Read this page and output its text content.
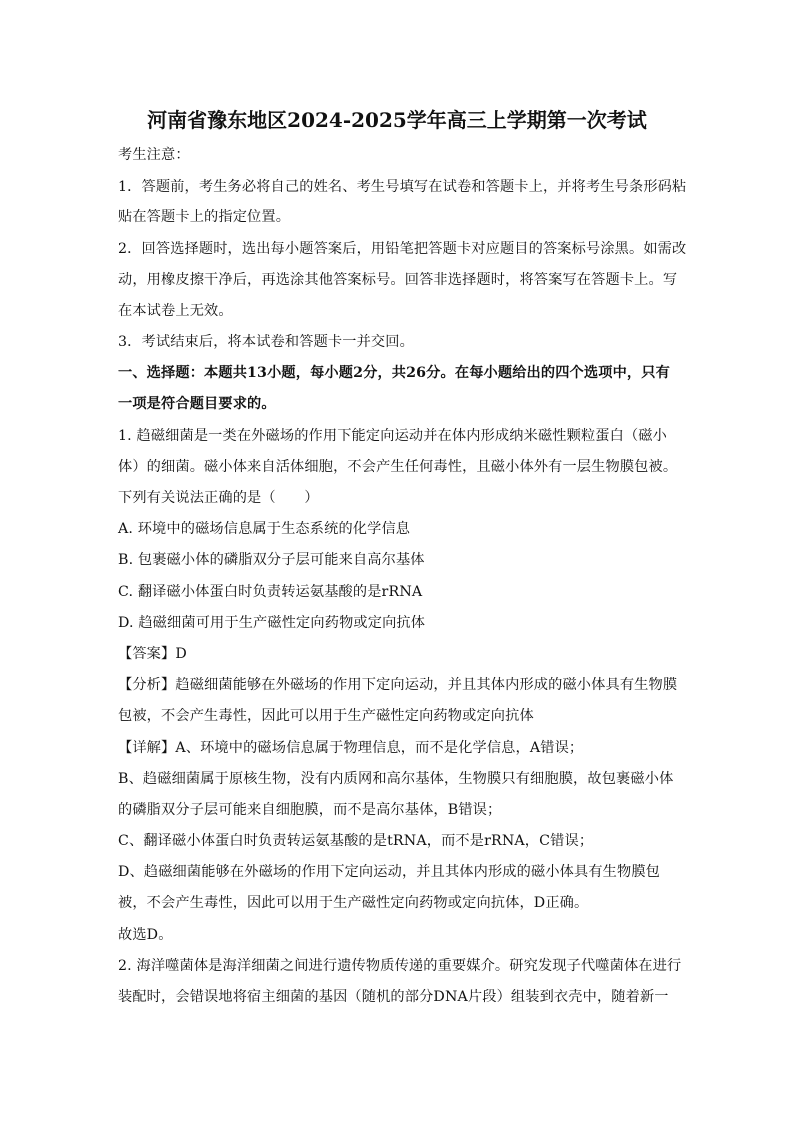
河南省豫东地区2024-2025学年高三上学期第一次考试
考生注意：
1．答题前，考生务必将自己的姓名、考生号填写在试卷和答题卡上，并将考生号条形码粘
贴在答题卡上的指定位置。
2．回答选择题时，选出每小题答案后，用铅笔把答题卡对应题目的答案标号涂黑。如需改
动，用橡皮擦干净后，再选涂其他答案标号。回答非选择题时，将答案写在答题卡上。写
在本试卷上无效。
3．考试结束后，将本试卷和答题卡一并交回。
一、选择题：本题共13小题，每小题2分，共26分。在每小题给出的四个选项中，只有
一项是符合题目要求的。
1. 趋磁细菌是一类在外磁场的作用下能定向运动并在体内形成纳米磁性颗粒蛋白（磁小
体）的细菌。磁小体来自活体细胞，不会产生任何毒性，且磁小体外有一层生物膜包被。
下列有关说法正确的是（　　）
A. 环境中的磁场信息属于生态系统的化学信息
B. 包裹磁小体的磷脂双分子层可能来自高尔基体
C. 翻译磁小体蛋白时负责转运氨基酸的是rRNA
D. 趋磁细菌可用于生产磁性定向药物或定向抗体
【答案】D
【分析】趋磁细菌能够在外磁场的作用下定向运动，并且其体内形成的磁小体具有生物膜
包被，不会产生毒性，因此可以用于生产磁性定向药物或定向抗体
【详解】A、环境中的磁场信息属于物理信息，而不是化学信息，A错误；
B、趋磁细菌属于原核生物，没有内质网和高尔基体，生物膜只有细胞膜，故包裹磁小体
的磷脂双分子层可能来自细胞膜，而不是高尔基体，B错误；
C、翻译磁小体蛋白时负责转运氨基酸的是tRNA，而不是rRNA，C错误；
D、趋磁细菌能够在外磁场的作用下定向运动，并且其体内形成的磁小体具有生物膜包
被，不会产生毒性，因此可以用于生产磁性定向药物或定向抗体，D正确。
故选D。
2. 海洋噬菌体是海洋细菌之间进行遗传物质传递的重要媒介。研究发现子代噬菌体在进行
装配时，会错误地将宿主细菌的基因（随机的部分DNA片段）组装到衣壳中，随着新一
